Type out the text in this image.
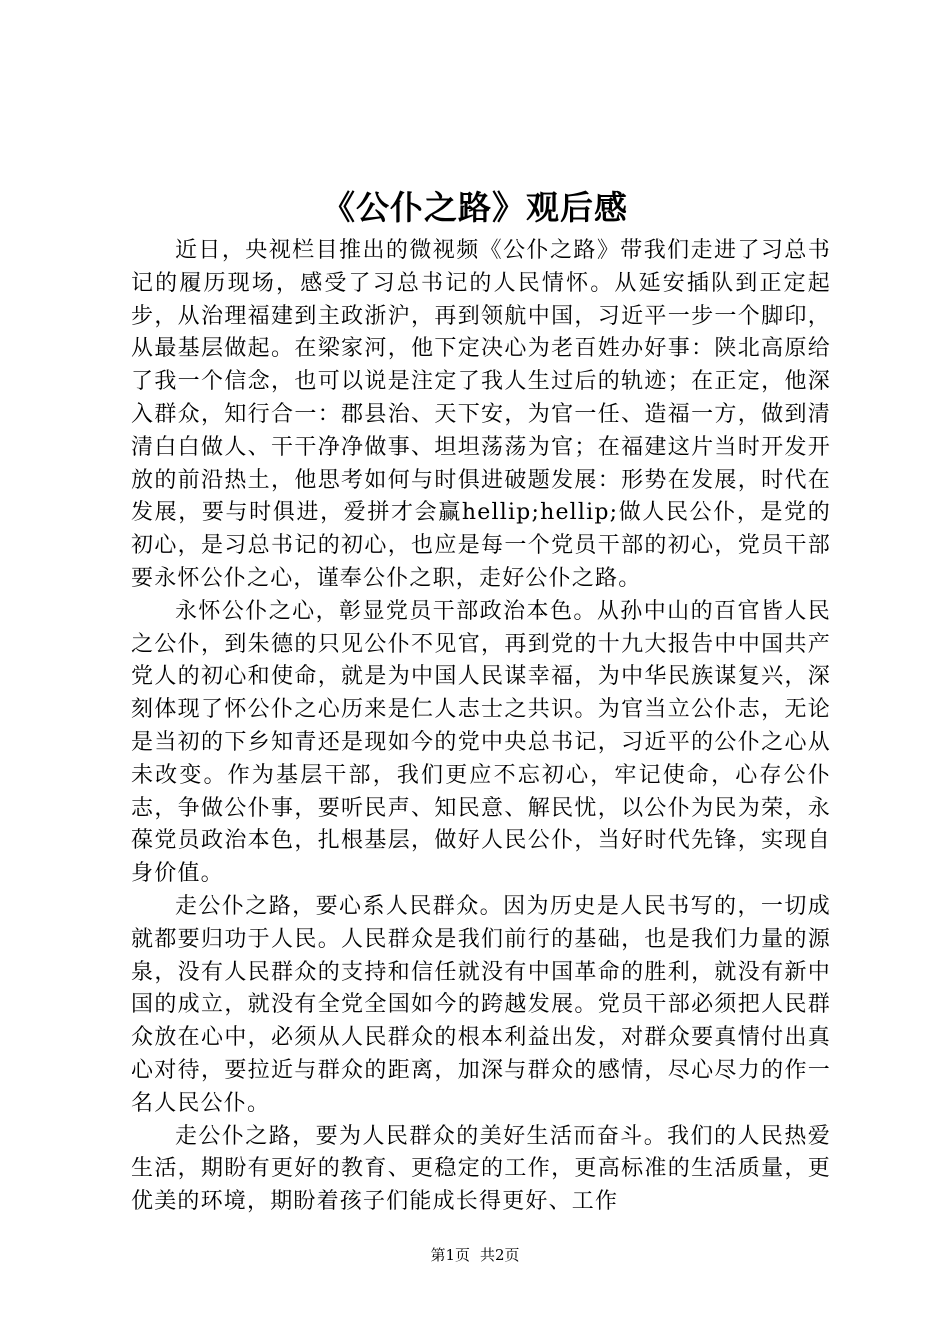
《公仆之路》观后感

近日，央视栏目推出的微视频《公仆之路》带我们走进了习总书记的履历现场，感受了习总书记的人民情怀。从延安插队到正定起步，从治理福建到主政浙沪，再到领航中国，习近平一步一个脚印，从最基层做起。在梁家河，他下定决心为老百姓办好事：陕北高原给了我一个信念，也可以说是注定了我人生过后的轨迹；在正定，他深入群众，知行合一：郡县治、天下安，为官一任、造福一方，做到清清白白做人、干干净净做事、坦坦荡荡为官；在福建这片当时开发开放的前沿热土，他思考如何与时俱进破题发展：形势在发展，时代在发展，要与时俱进，爱拼才会赢hellip;hellip;做人民公仆，是党的初心，是习总书记的初心，也应是每一个党员干部的初心，党员干部要永怀公仆之心，谨奉公仆之职，走好公仆之路。

永怀公仆之心，彰显党员干部政治本色。从孙中山的百官皆人民之公仆，到朱德的只见公仆不见官，再到党的十九大报告中中国共产党人的初心和使命，就是为中国人民谋幸福，为中华民族谋复兴，深刻体现了怀公仆之心历来是仁人志士之共识。为官当立公仆志，无论是当初的下乡知青还是现如今的党中央总书记，习近平的公仆之心从未改变。作为基层干部，我们更应不忘初心，牢记使命，心存公仆志，争做公仆事，要听民声、知民意、解民忧，以公仆为民为荣，永葆党员政治本色，扎根基层，做好人民公仆，当好时代先锋，实现自身价值。

走公仆之路，要心系人民群众。因为历史是人民书写的，一切成就都要归功于人民。人民群众是我们前行的基础，也是我们力量的源泉，没有人民群众的支持和信任就没有中国革命的胜利，就没有新中国的成立，就没有全党全国如今的跨越发展。党员干部必须把人民群众放在心中，必须从人民群众的根本利益出发，对群众要真情付出真心对待，要拉近与群众的距离，加深与群众的感情，尽心尽力的作一名人民公仆。

走公仆之路，要为人民群众的美好生活而奋斗。我们的人民热爱生活，期盼有更好的教育、更稳定的工作，更高标准的生活质量，更优美的环境，期盼着孩子们能成长得更好、工作

第1页 共2页
